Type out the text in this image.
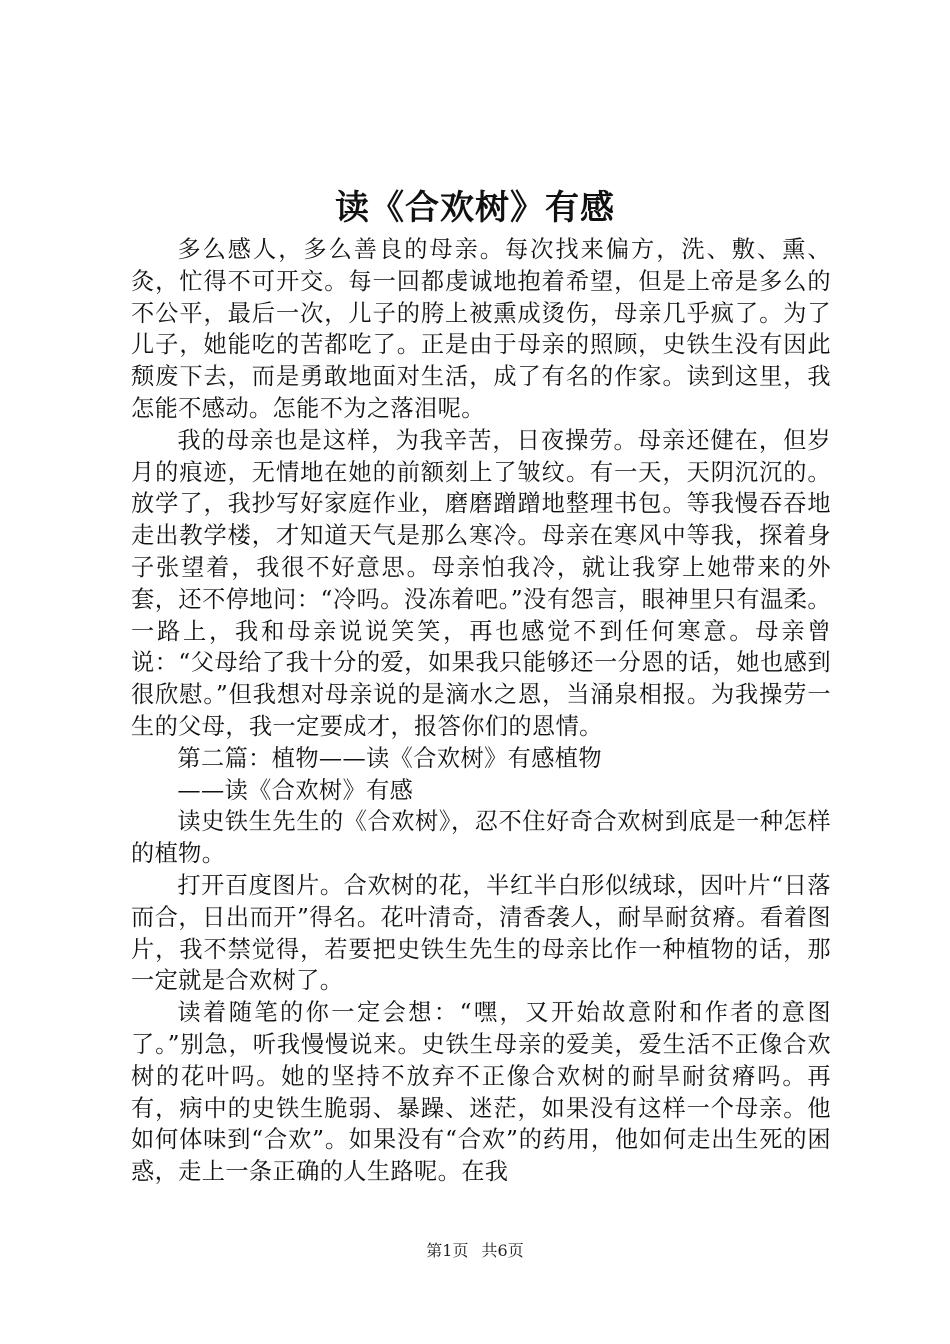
读《合欢树》有感

多么感人，多么善良的母亲。每次找来偏方，洗、敷、熏、灸，忙得不可开交。每一回都虔诚地抱着希望，但是上帝是多么的不公平，最后一次，儿子的胯上被熏成烫伤，母亲几乎疯了。为了儿子，她能吃的苦都吃了。正是由于母亲的照顾，史铁生没有因此颓废下去，而是勇敢地面对生活，成了有名的作家。读到这里，我怎能不感动。怎能不为之落泪呢。

我的母亲也是这样，为我辛苦，日夜操劳。母亲还健在，但岁月的痕迹，无情地在她的前额刻上了皱纹。有一天，天阴沉沉的。放学了，我抄写好家庭作业，磨磨蹭蹭地整理书包。等我慢吞吞地走出教学楼，才知道天气是那么寒冷。母亲在寒风中等我，探着身子张望着，我很不好意思。母亲怕我冷，就让我穿上她带来的外套，还不停地问：“冷吗。没冻着吧。”没有怨言，眼神里只有温柔。一路上，我和母亲说说笑笑，再也感觉不到任何寒意。母亲曾说：“父母给了我十分的爱，如果我只能够还一分恩的话，她也感到很欣慰。”但我想对母亲说的是滴水之恩，当涌泉相报。为我操劳一生的父母，我一定要成才，报答你们的恩情。

第二篇：植物——读《合欢树》有感植物

——读《合欢树》有感

读史铁生先生的《合欢树》，忍不住好奇合欢树到底是一种怎样的植物。

打开百度图片。合欢树的花，半红半白形似绒球，因叶片“日落而合，日出而开”得名。花叶清奇，清香袭人，耐旱耐贫瘠。看着图片，我不禁觉得，若要把史铁生先生的母亲比作一种植物的话，那一定就是合欢树了。

读着随笔的你一定会想：“嘿，又开始故意附和作者的意图了。”别急，听我慢慢说来。史铁生母亲的爱美，爱生活不正像合欢树的花叶吗。她的坚持不放弃不正像合欢树的耐旱耐贫瘠吗。再有，病中的史铁生脆弱、暴躁、迷茫，如果没有这样一个母亲。他如何体味到“合欢”。如果没有“合欢”的药用，他如何走出生死的困惑，走上一条正确的人生路呢。在我

第1页 共6页
